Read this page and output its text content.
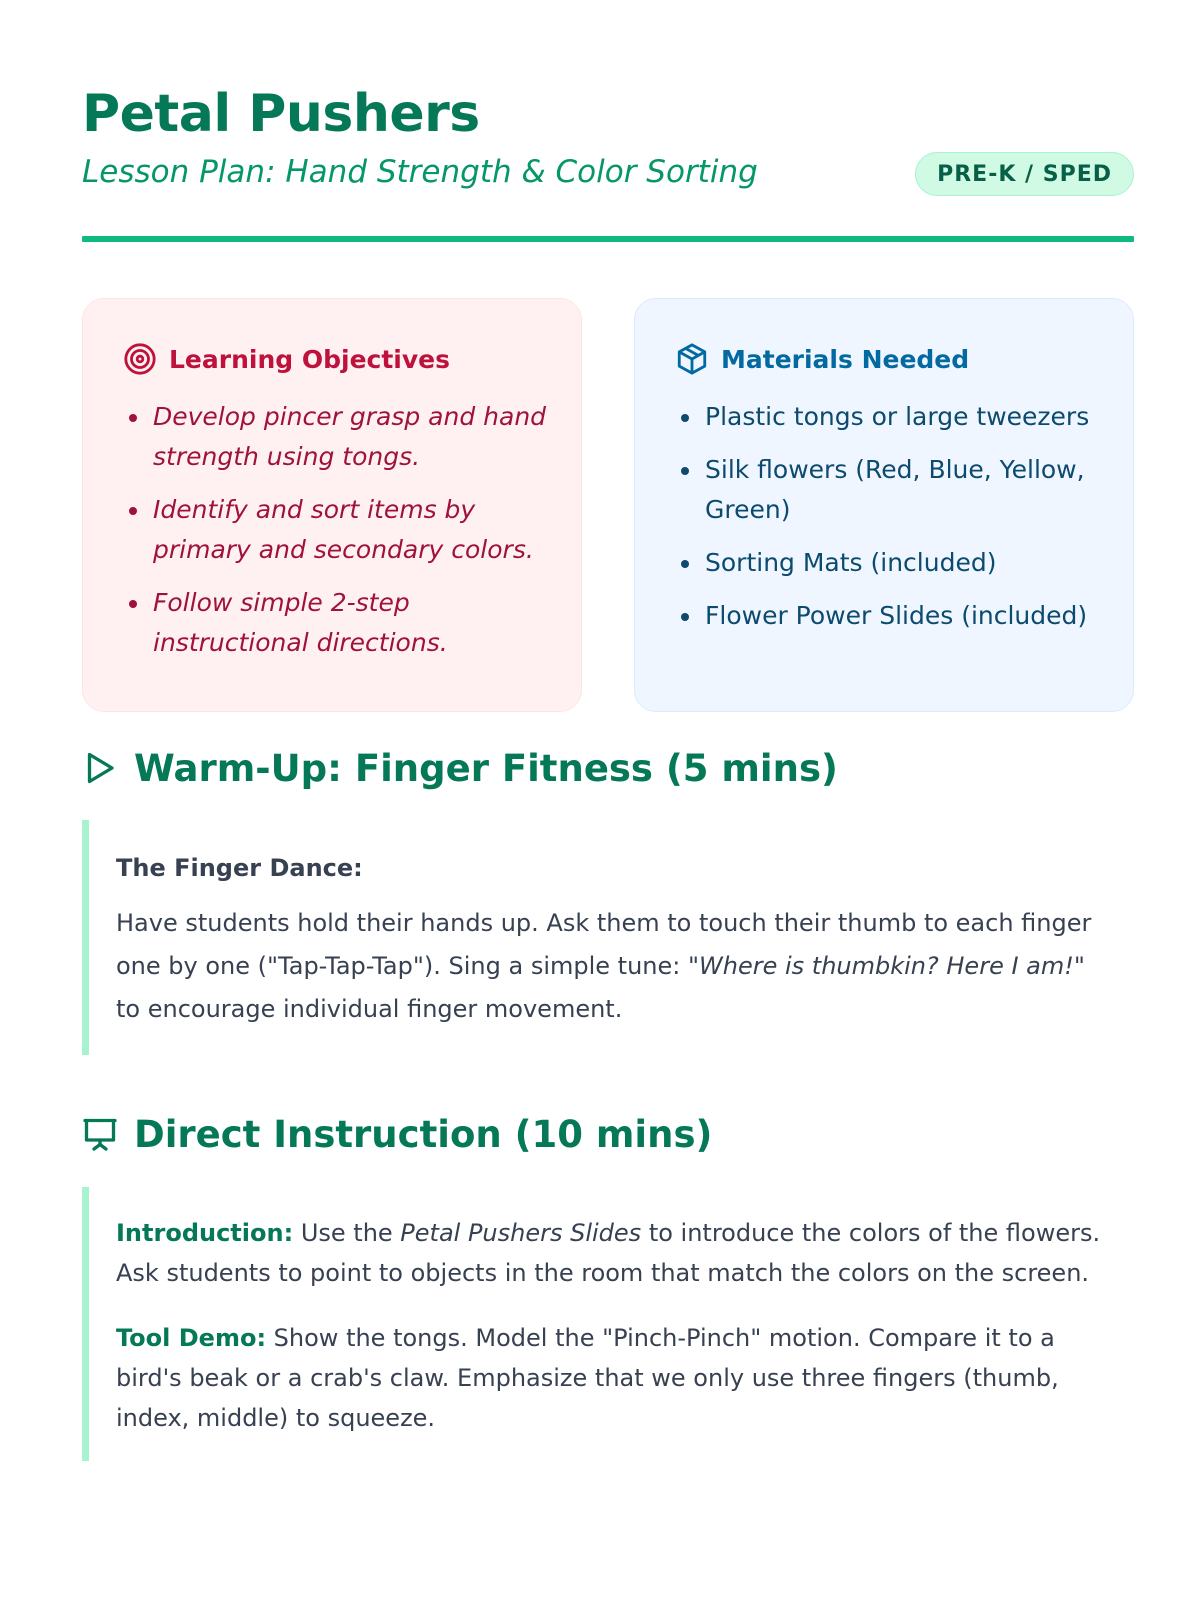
Petal Pushers

Lesson Plan: Hand Strength & Color Sorting	PRE-K / SPED
Learning Objectives
Develop pincer grasp and hand strength using tongs.
Identify and sort items by primary and secondary colors.
Follow simple 2-step instructional directions.
Materials Needed
Plastic tongs or large tweezers
Silk flowers (Red, Blue, Yellow, Green)
Sorting Mats (included)
Flower Power Slides (included)
Warm-Up: Finger Fitness (5 mins)

The Finger Dance:

Have students hold their hands up. Ask them to touch their thumb to each finger one by one ("Tap-Tap-Tap"). Sing a simple tune: "Where is thumbkin? Here I am!" to encourage individual finger movement.

Direct Instruction (10 mins)

Introduction: Use the Petal Pushers Slides to introduce the colors of the flowers. Ask students to point to objects in the room that match the colors on the screen.

Tool Demo: Show the tongs. Model the "Pinch-Pinch" motion. Compare it to a bird's beak or a crab's claw. Emphasize that we only use three fingers (thumb, index, middle) to squeeze.
